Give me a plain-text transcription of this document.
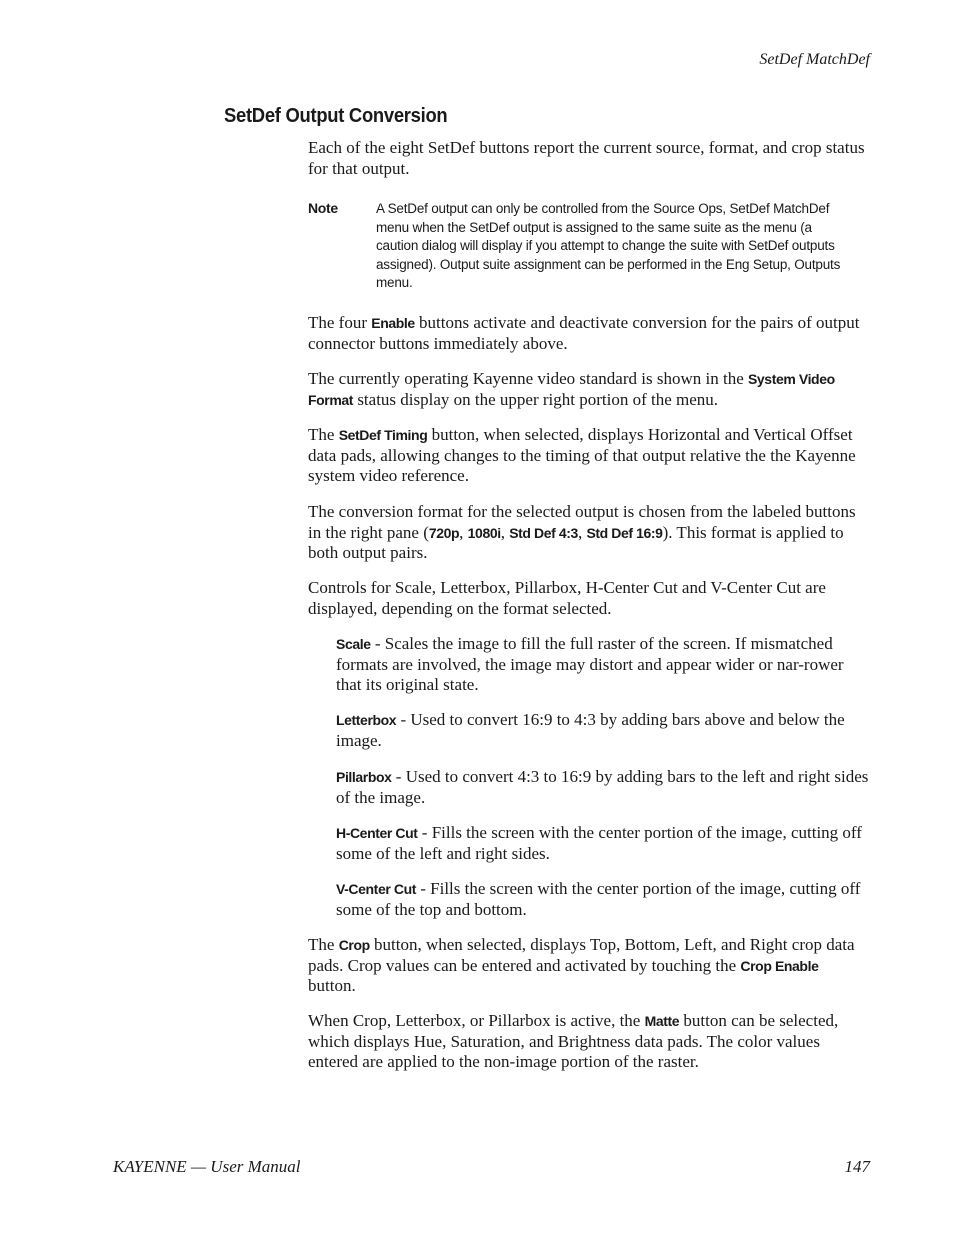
SetDef MatchDef
SetDef Output Conversion

Each of the eight SetDef buttons report the current source, format, and crop status for that output.

Note	A SetDef output can only be controlled from the Source Ops, SetDef MatchDef menu when the SetDef output is assigned to the same suite as the menu (a caution dialog will display if you attempt to change the suite with SetDef outputs assigned). Output suite assignment can be performed in the Eng Setup, Outputs menu.

The four Enable buttons activate and deactivate conversion for the pairs of output connector buttons immediately above.

The currently operating Kayenne video standard is shown in the System Video Format status display on the upper right portion of the menu.

The SetDef Timing button, when selected, displays Horizontal and Vertical Offset data pads, allowing changes to the timing of that output relative the the Kayenne system video reference.

The conversion format for the selected output is chosen from the labeled buttons in the right pane (720p, 1080i, Std Def 4:3, Std Def 16:9). This format is applied to both output pairs.

Controls for Scale, Letterbox, Pillarbox, H-Center Cut and V-Center Cut are displayed, depending on the format selected.

Scale - Scales the image to fill the full raster of the screen. If mismatched formats are involved, the image may distort and appear wider or nar-rower that its original state.

Letterbox - Used to convert 16:9 to 4:3 by adding bars above and below the image.

Pillarbox - Used to convert 4:3 to 16:9 by adding bars to the left and right sides of the image.

H-Center Cut - Fills the screen with the center portion of the image, cutting off some of the left and right sides.

V-Center Cut - Fills the screen with the center portion of the image, cutting off some of the top and bottom.

The Crop button, when selected, displays Top, Bottom, Left, and Right crop data pads. Crop values can be entered and activated by touching the Crop Enable button.

When Crop, Letterbox, or Pillarbox is active, the Matte button can be selected, which displays Hue, Saturation, and Brightness data pads. The color values entered are applied to the non-image portion of the raster.

KAYENNE — User Manual	147
